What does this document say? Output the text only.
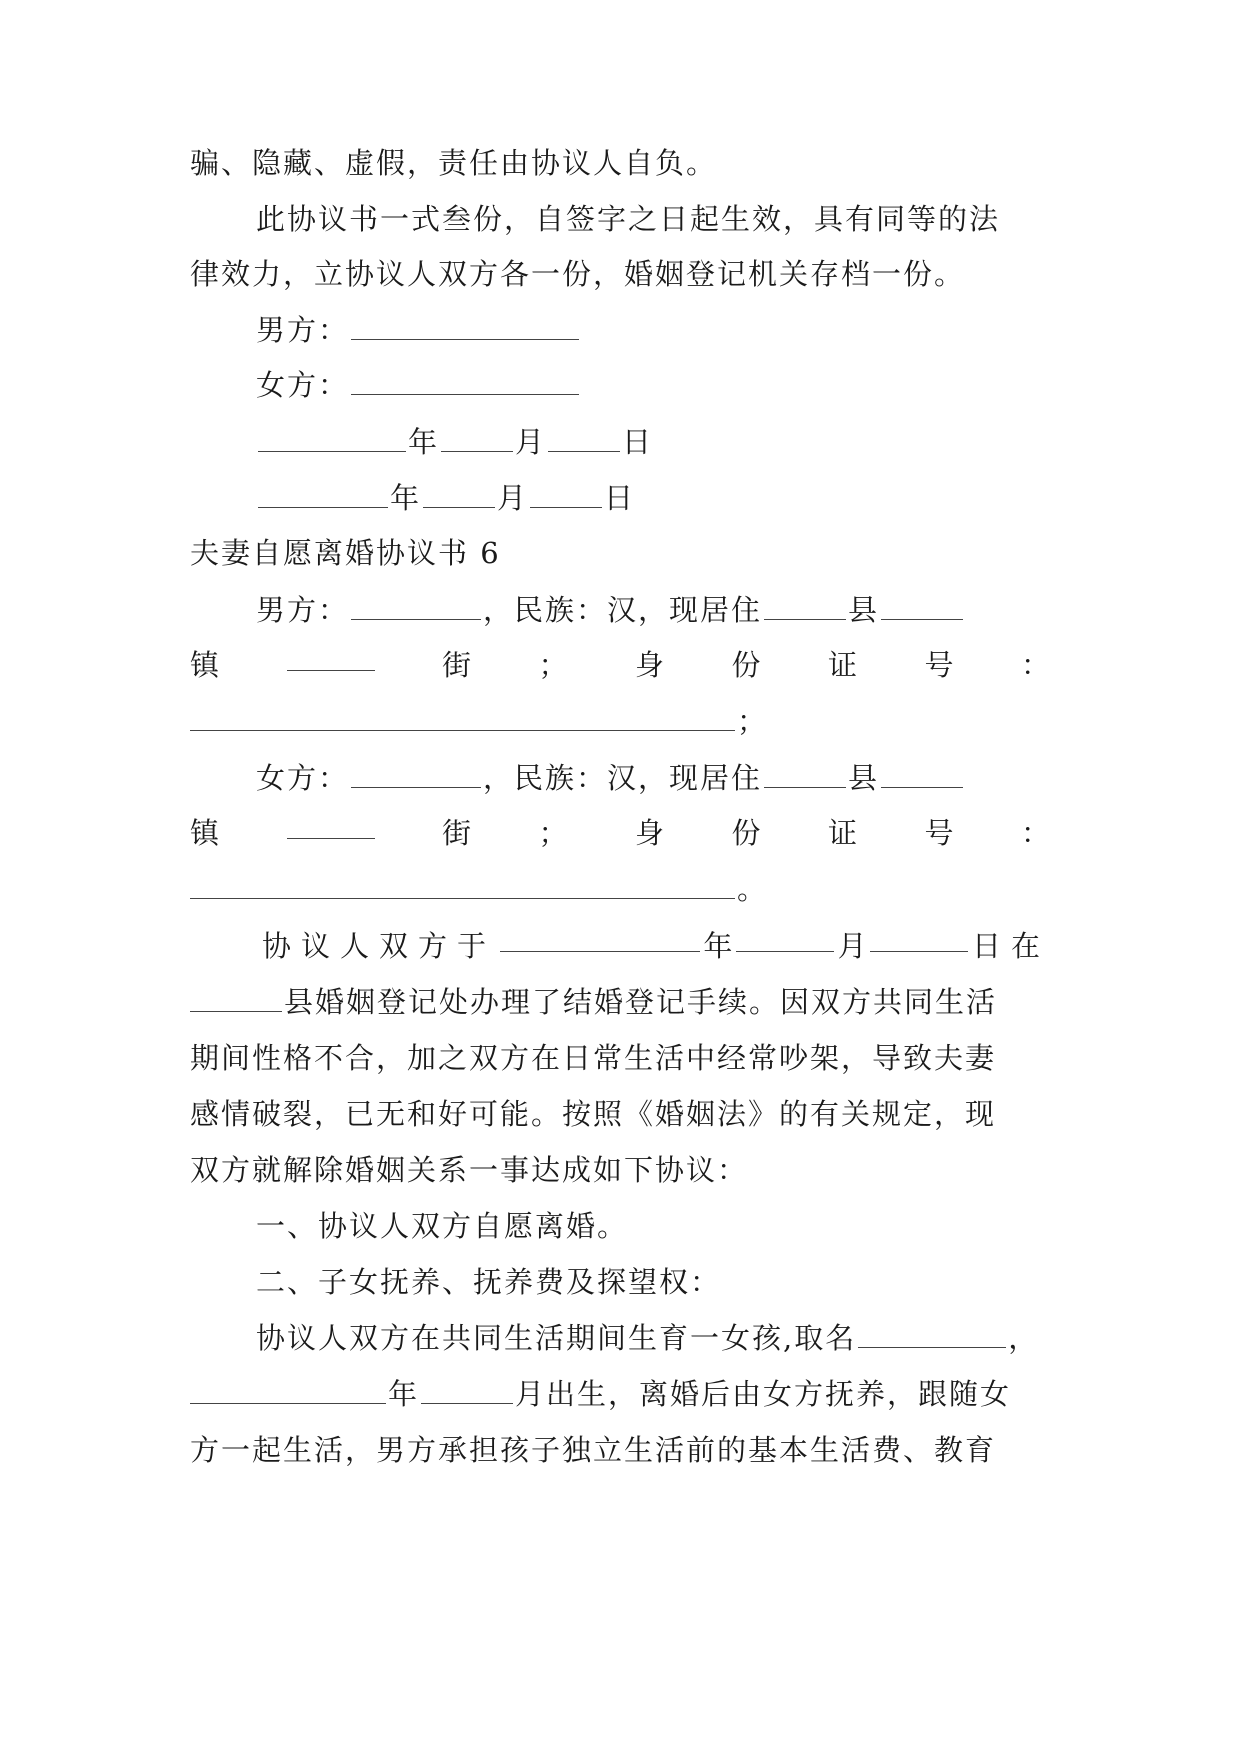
骗、隐藏、虚假，责任由协议人自负。
此协议书一式叁份，自签字之日起生效，具有同等的法
律效力，立协议人双方各一份，婚姻登记机关存档一份。
男方：
女方：
年	月	日
年	月	日
夫妻自愿离婚协议书 6
男方：	，民族：汉，现居住	县
镇	街 ； 身 份 证 号 ：
；
女方：	，民族：汉，现居住	县
镇	街 ； 身 份 证 号 ：
。
协议人双方于	年	月	日在
县婚姻登记处办理了结婚登记手续。因双方共同生活
期间性格不合，加之双方在日常生活中经常吵架，导致夫妻
感情破裂，已无和好可能。按照《婚姻法》的有关规定，现
双方就解除婚姻关系一事达成如下协议：
一、协议人双方自愿离婚。
二、子女抚养、抚养费及探望权：
协议人双方在共同生活期间生育一女孩,取名	，
年	月出生，离婚后由女方抚养，跟随女
方一起生活，男方承担孩子独立生活前的基本生活费、教育
